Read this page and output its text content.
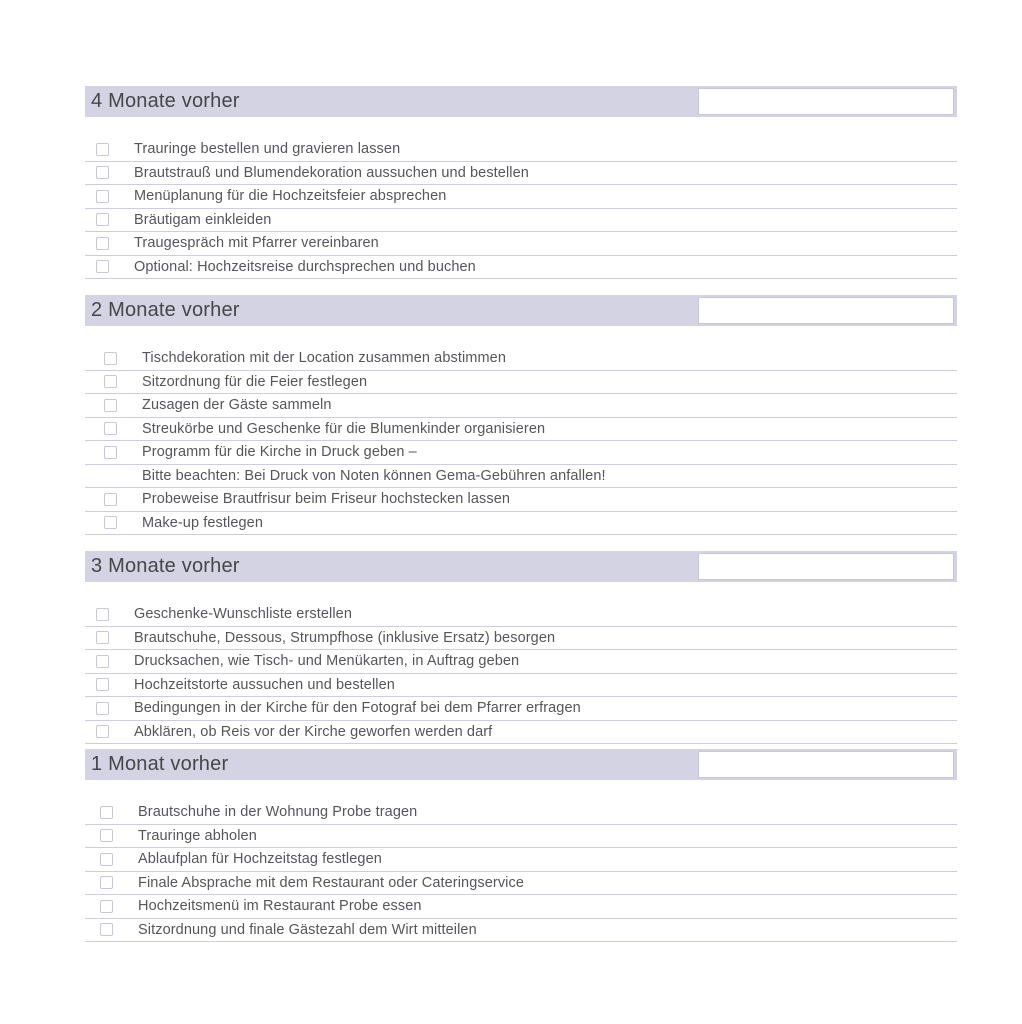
4 Monate vorher
Trauringe bestellen und gravieren lassen
Brautstrauß und Blumendekoration aussuchen und bestellen
Menüplanung für die Hochzeitsfeier absprechen
Bräutigam einkleiden
Traugespräch mit Pfarrer vereinbaren
Optional: Hochzeitsreise durchsprechen und buchen
2 Monate vorher
Tischdekoration mit der Location zusammen abstimmen
Sitzordnung für die Feier festlegen
Zusagen der Gäste sammeln
Streukörbe und Geschenke für die Blumenkinder organisieren
Programm für die Kirche in Druck geben –
Bitte beachten: Bei Druck von Noten können Gema-Gebühren anfallen!
Probeweise Brautfrisur beim Friseur hochstecken lassen
Make-up festlegen
3 Monate vorher
Geschenke-Wunschliste erstellen
Brautschuhe, Dessous, Strumpfhose (inklusive Ersatz) besorgen
Drucksachen, wie Tisch- und Menükarten, in Auftrag geben
Hochzeitstorte aussuchen und bestellen
Bedingungen in der Kirche für den Fotograf bei dem Pfarrer erfragen
Abklären, ob Reis vor der Kirche geworfen werden darf
1 Monat vorher
Brautschuhe in der Wohnung Probe tragen
Trauringe abholen
Ablaufplan für Hochzeitstag festlegen
Finale Absprache mit dem Restaurant oder Cateringservice
Hochzeitsmenü im Restaurant Probe essen
Sitzordnung und finale Gästezahl dem Wirt mitteilen
